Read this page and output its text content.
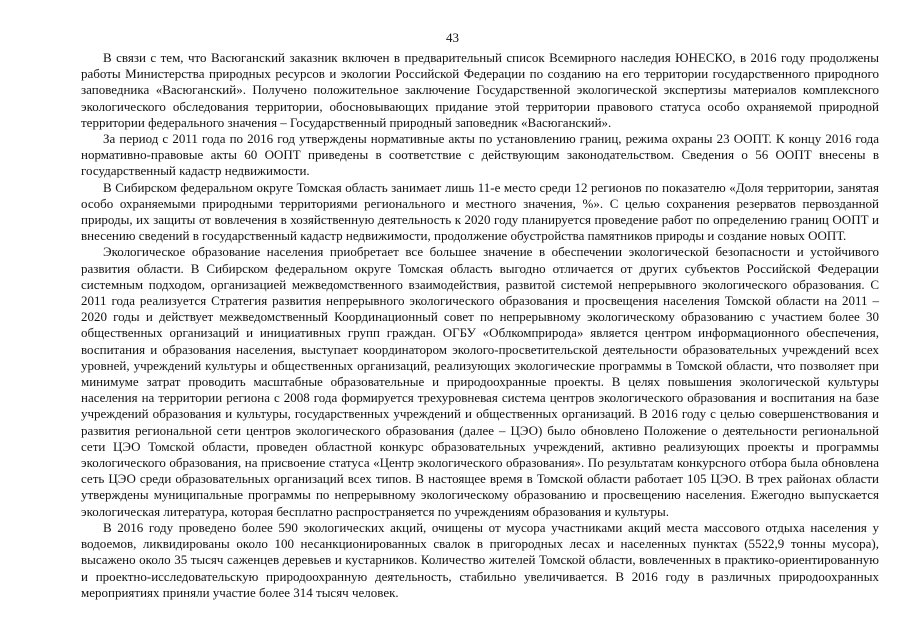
43

В связи с тем, что Васюганский заказник включен в предварительный список Всемирного наследия ЮНЕСКО, в 2016 году продолжены работы Министерства природных ресурсов и экологии Российской Федерации по созданию на его территории государственного природного заповедника «Васюганский». Получено положительное заключение Государственной экологической экспертизы материалов комплексного экологического обследования территории, обосновывающих придание этой территории правового статуса особо охраняемой природной территории федерального значения – Государственный природный заповедник «Васюганский».

За период с 2011 года по 2016 год утверждены нормативные акты по установлению границ, режима охраны 23 ООПТ. К концу 2016 года нормативно-правовые акты 60 ООПТ приведены в соответствие с действующим законодательством. Сведения о 56 ООПТ внесены в государственный кадастр недвижимости.

В Сибирском федеральном округе Томская область занимает лишь 11-е место среди 12 регионов по показателю «Доля территории, занятая особо охраняемыми природными территориями регионального и местного значения, %». С целью сохранения резерватов первозданной природы, их защиты от вовлечения в хозяйственную деятельность к 2020 году планируется проведение работ по определению границ ООПТ и внесению сведений в государственный кадастр недвижимости, продолжение обустройства памятников природы и создание новых ООПТ.

Экологическое образование населения приобретает все большее значение в обеспечении экологической безопасности и устойчивого развития области. В Сибирском федеральном округе Томская область выгодно отличается от других субъектов Российской Федерации системным подходом, организацией межведомственного взаимодействия, развитой системой непрерывного экологического образования. С 2011 года реализуется Стратегия развития непрерывного экологического образования и просвещения населения Томской области на 2011 – 2020 годы и действует межведомственный Координационный совет по непрерывному экологическому образованию с участием более 30 общественных организаций и инициативных групп граждан. ОГБУ «Облкомприрода» является центром информационного обеспечения, воспитания и образования населения, выступает координатором эколого-просветительской деятельности образовательных учреждений всех уровней, учреждений культуры и общественных организаций, реализующих экологические программы в Томской области, что позволяет при минимуме затрат проводить масштабные образовательные и природоохранные проекты. В целях повышения экологической культуры населения на территории региона с 2008 года формируется трехуровневая система центров экологического образования и воспитания на базе учреждений образования и культуры, государственных учреждений и общественных организаций. В 2016 году с целью совершенствования и развития региональной сети центров экологического образования (далее – ЦЭО) было обновлено Положение о деятельности региональной сети ЦЭО Томской области, проведен областной конкурс образовательных учреждений, активно реализующих проекты и программы экологического образования, на присвоение статуса «Центр экологического образования». По результатам конкурсного отбора была обновлена сеть ЦЭО среди образовательных организаций всех типов. В настоящее время в Томской области работает 105 ЦЭО. В трех районах области утверждены муниципальные программы по непрерывному экологическому образованию и просвещению населения. Ежегодно выпускается экологическая литература, которая бесплатно распространяется по учреждениям образования и культуры.

В 2016 году проведено более 590 экологических акций, очищены от мусора участниками акций места массового отдыха населения у водоемов, ликвидированы около 100 несанкционированных свалок в пригородных лесах и населенных пунктах (5522,9 тонны мусора), высажено около 35 тысяч саженцев деревьев и кустарников. Количество жителей Томской области, вовлеченных в практико-ориентированную и проектно-исследовательскую природоохранную деятельность, стабильно увеличивается. В 2016 году в различных природоохранных мероприятиях приняли участие более 314 тысяч человек.
